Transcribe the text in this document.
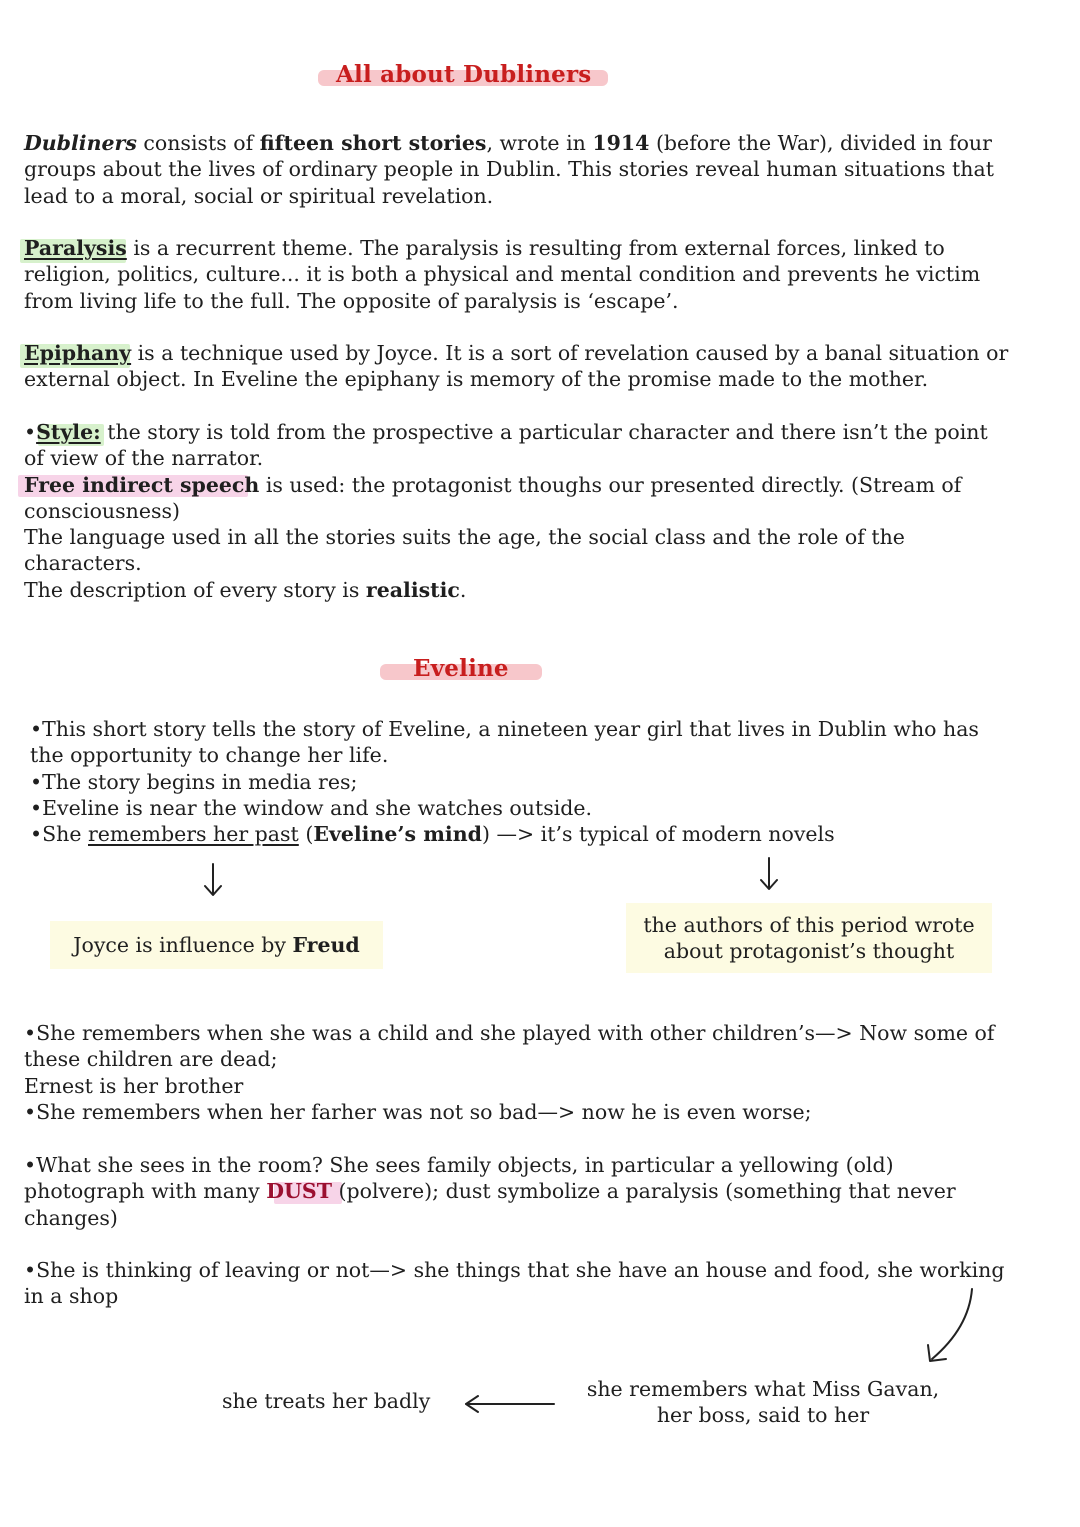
All about Dubliners

Dubliners consists of fifteen short stories, wrote in 1914 (before the War), divided in four
groups about the lives of ordinary people in Dublin. This stories reveal human situations that
lead to a moral, social or spiritual revelation.

Paralysis is a recurrent theme. The paralysis is resulting from external forces, linked to
religion, politics, culture... it is both a physical and mental condition and prevents he victim
from living life to the full. The opposite of paralysis is ‘escape’.

Epiphany is a technique used by Joyce. It is a sort of revelation caused by a banal situation or
external object. In Eveline the epiphany is memory of the promise made to the mother.

•Style: the story is told from the prospective a particular character and there isn’t the point
of view of the narrator.
Free indirect speech is used: the protagonist thoughs our presented directly. (Stream of
consciousness)
The language used in all the stories suits the age, the social class and the role of the
characters.
The description of every story is realistic.

Eveline

•This short story tells the story of Eveline, a nineteen year girl that lives in Dublin who has
the opportunity to change her life.
•The story begins in media res;
•Eveline is near the window and she watches outside.
•She remembers her past (Eveline’s mind) —> it’s typical of modern novels

Joyce is influence by Freud
the authors of this period wrote
about protagonist’s thought

•She remembers when she was a child and she played with other children’s—> Now some of
these children are dead;
Ernest is her brother
•She remembers when her farher was not so bad—> now he is even worse;

•What she sees in the room? She sees family objects, in particular a yellowing (old)
photograph with many DUST (polvere); dust symbolize a paralysis (something that never
changes)

•She is thinking of leaving or not—> she things that she have an house and food, she working
in a shop

she treats her badly	she remembers what Miss Gavan,
her boss, said to her
